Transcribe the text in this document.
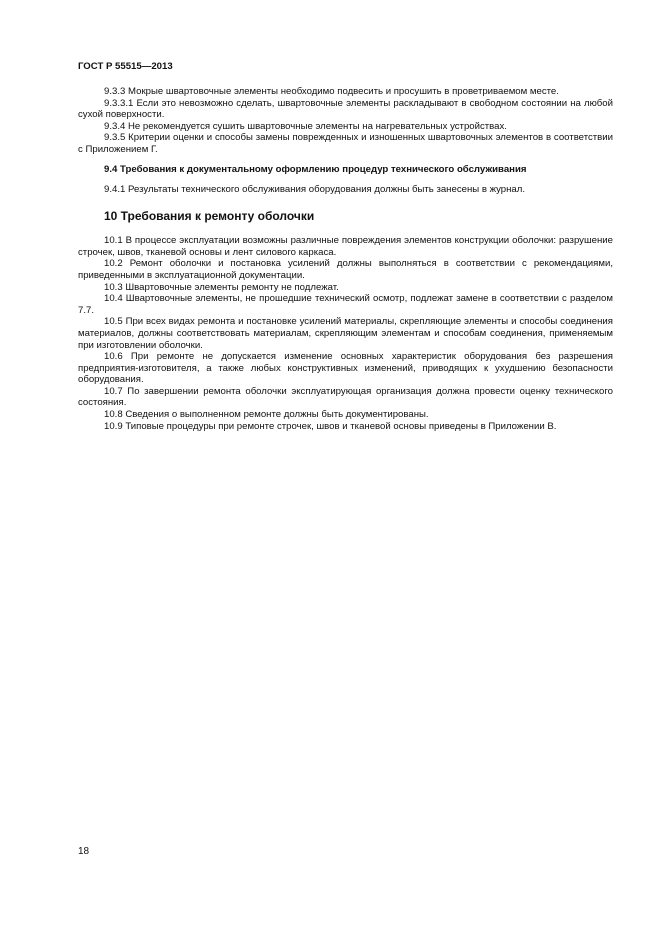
ГОСТ Р 55515—2013

9.3.3 Мокрые швартовочные элементы необходимо подвесить и просушить в проветриваемом месте.

9.3.3.1 Если это невозможно сделать, швартовочные элементы раскладывают в свободном состоянии на любой сухой поверхности.

9.3.4 Не рекомендуется сушить швартовочные элементы на нагревательных устройствах.

9.3.5 Критерии оценки и способы замены поврежденных и изношенных швартовочных элементов в соответствии с Приложением Г.

9.4 Требования к документальному оформлению процедур технического обслуживания

9.4.1 Результаты технического обслуживания оборудования должны быть занесены в журнал.

10 Требования к ремонту оболочки

10.1 В процессе эксплуатации возможны различные повреждения элементов конструкции оболочки: разрушение строчек, швов, тканевой основы и лент силового каркаса.

10.2 Ремонт оболочки и постановка усилений должны выполняться в соответствии с рекомендациями, приведенными в эксплуатационной документации.

10.3 Швартовочные элементы ремонту не подлежат.

10.4 Швартовочные элементы, не прошедшие технический осмотр, подлежат замене в соответствии с разделом 7.7.

10.5 При всех видах ремонта и постановке усилений материалы, скрепляющие элементы и способы соединения материалов, должны соответствовать материалам, скрепляющим элементам и способам соединения, применяемым при изготовлении оболочки.

10.6 При ремонте не допускается изменение основных характеристик оборудования без разрешения предприятия-изготовителя, а также любых конструктивных изменений, приводящих к ухудшению безопасности оборудования.

10.7 По завершении ремонта оболочки эксплуатирующая организация должна провести оценку технического состояния.

10.8 Сведения о выполненном ремонте должны быть документированы.

10.9 Типовые процедуры при ремонте строчек, швов и тканевой основы приведены в Приложении В.

18
